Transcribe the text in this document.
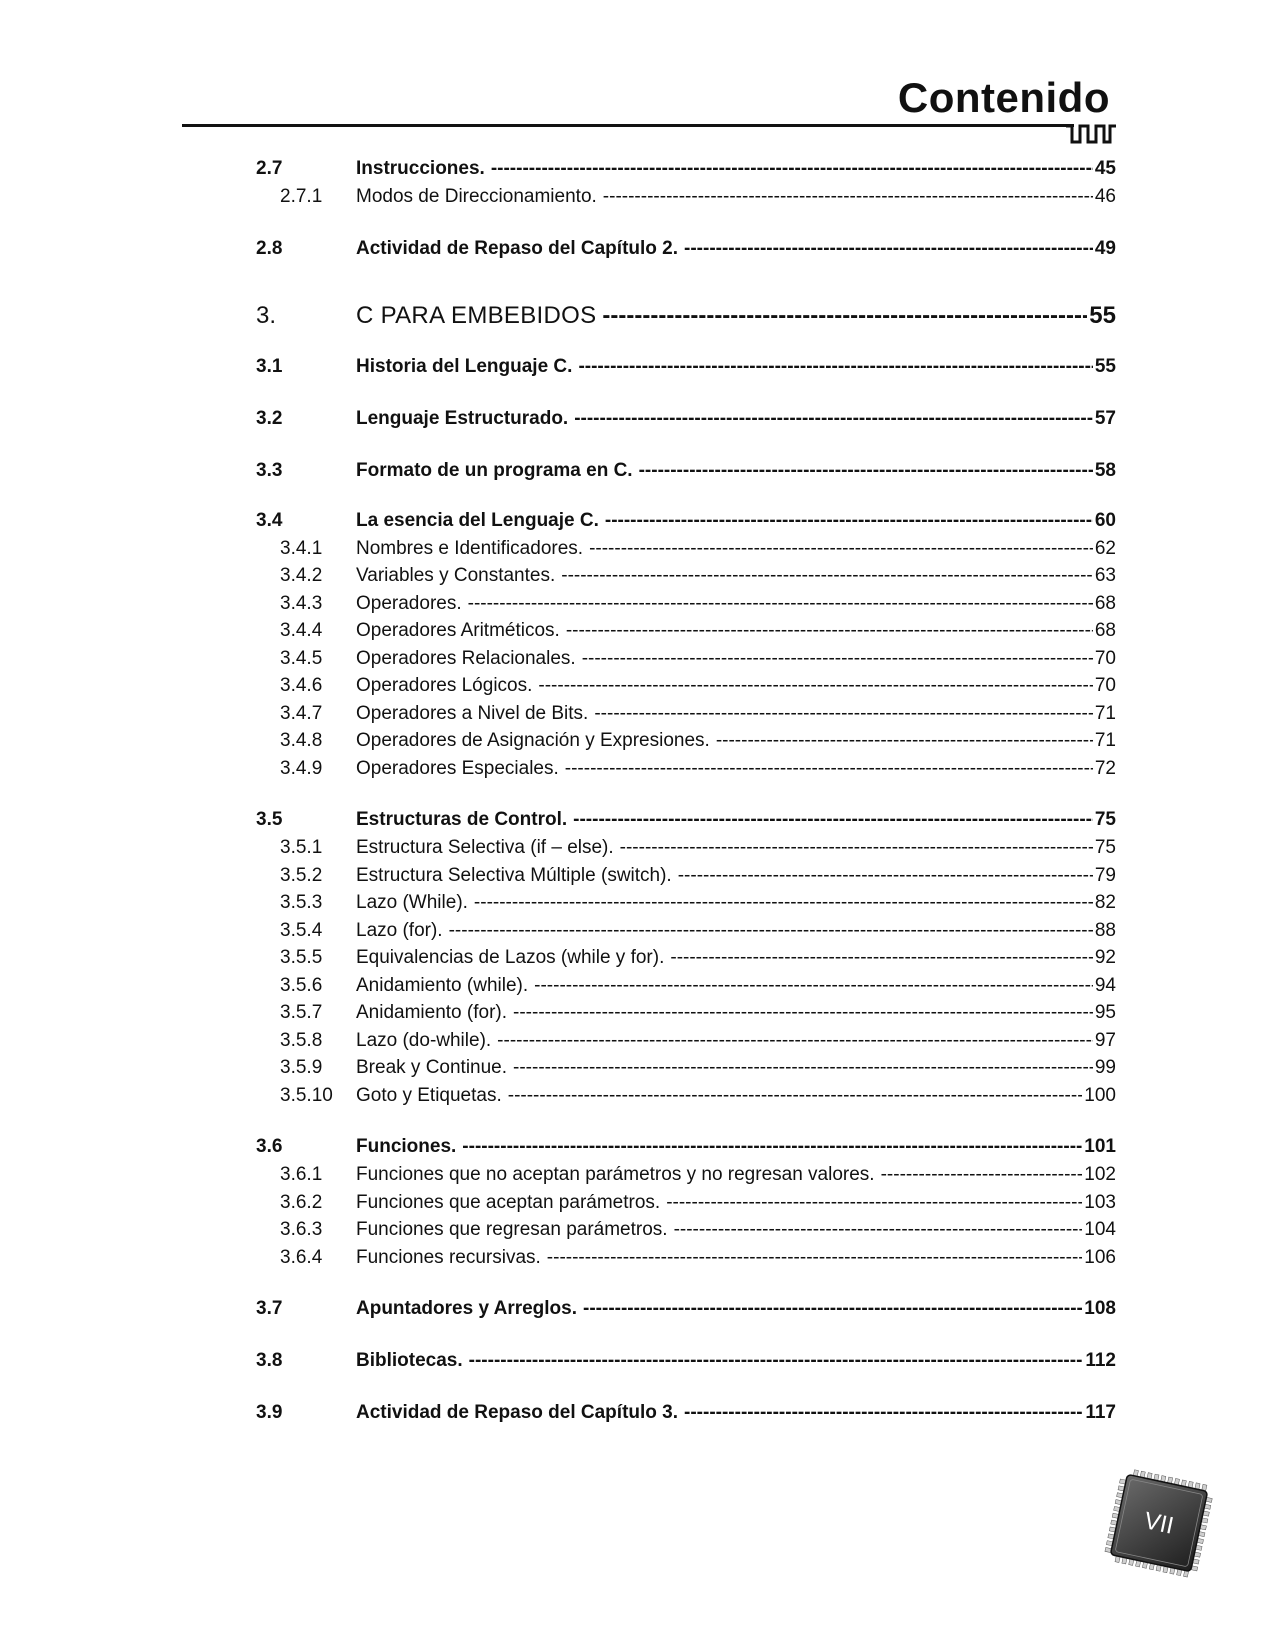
Contenido
2.7	Instrucciones. -----	45
2.7.1	Modos de Direccionamiento. -----	46
2.8	Actividad de Repaso del Capítulo 2. -----	49
3.	C PARA EMBEBIDOS -----	55
3.1	Historia del Lenguaje C. -----	55
3.2	Lenguaje Estructurado. -----	57
3.3	Formato de un programa en C. -----	58
3.4	La esencia del Lenguaje C. -----	60
3.4.1	Nombres e Identificadores. -----	62
3.4.2	Variables y Constantes. -----	63
3.4.3	Operadores. -----	68
3.4.4	Operadores Aritméticos. -----	68
3.4.5	Operadores Relacionales. -----	70
3.4.6	Operadores Lógicos. -----	70
3.4.7	Operadores a Nivel de Bits. -----	71
3.4.8	Operadores de Asignación y Expresiones. -----	71
3.4.9	Operadores Especiales. -----	72
3.5	Estructuras de Control. -----	75
3.5.1	Estructura Selectiva (if – else). -----	75
3.5.2	Estructura Selectiva Múltiple (switch). -----	79
3.5.3	Lazo (While). -----	82
3.5.4	Lazo (for). -----	88
3.5.5	Equivalencias de Lazos (while y for). -----	92
3.5.6	Anidamiento (while). -----	94
3.5.7	Anidamiento (for). -----	95
3.5.8	Lazo (do-while). -----	97
3.5.9	Break y Continue. -----	99
3.5.10	Goto y Etiquetas. -----	100
3.6	Funciones. -----	101
3.6.1	Funciones que no aceptan parámetros y no regresan valores. -----	102
3.6.2	Funciones que aceptan parámetros. -----	103
3.6.3	Funciones que regresan parámetros. -----	104
3.6.4	Funciones recursivas. -----	106
3.7	Apuntadores y Arreglos. -----	108
3.8	Bibliotecas. -----	112
3.9	Actividad de Repaso del Capítulo 3. -----	117
VII
